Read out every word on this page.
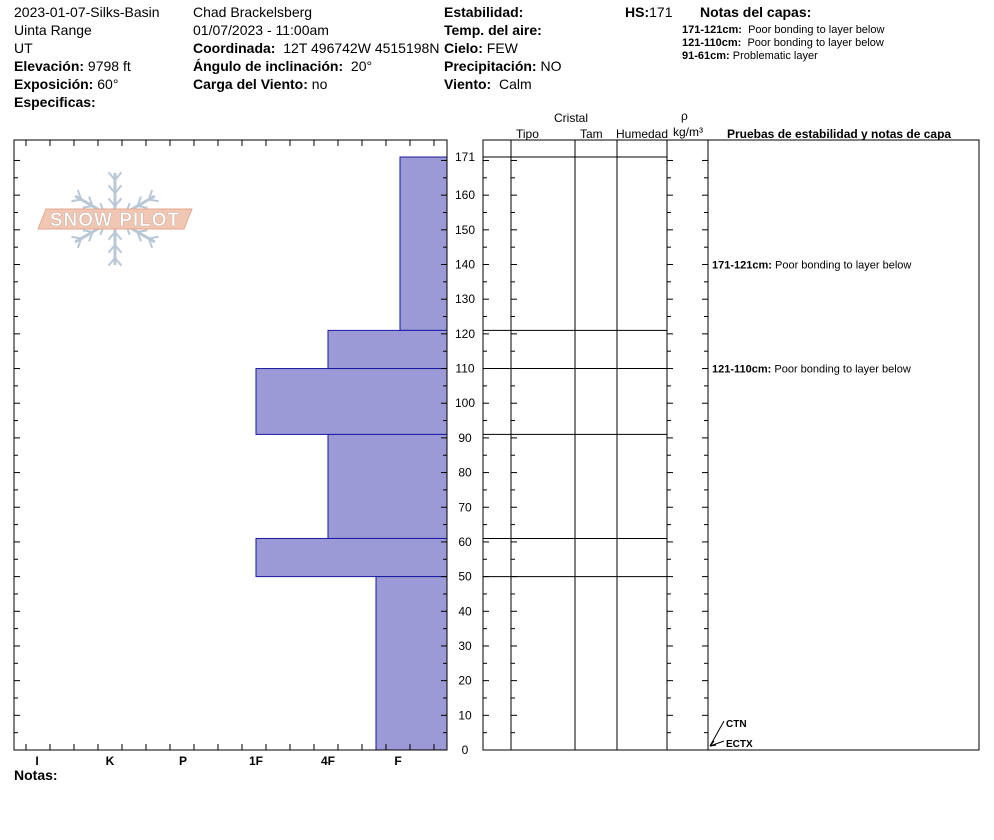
2023-01-07-Silks-Basin
Uinta Range
UT
Elevación: 9798 ft
Exposición: 60°
Especificas:
Chad Brackelsberg
01/07/2023 - 11:00am
Coordinada: 12T 496742W 4515198N
Ángulo de inclinación: 20°
Carga del Viento: no
Estabilidad:
Temp. del aire:
Cielo: FEW
Precipitación: NO
Viento: Calm
HS:171 Notas del capas:
171-121cm: Poor bonding to layer below
121-110cm: Poor bonding to layer below
91-61cm: Problematic layer
Cristal
Tipo	Tam Humedad
ρ
kg/m³ Pruebas de estabilidad y notas de capa
Notas:
SNOW PILOT
I	K	P	1F	4F	F
0
10
20
30
40
50
60
70
80
90
100
110
120
130
140
150
160
171
171-121cm: Poor bonding to layer below
121-110cm: Poor bonding to layer below
CTN
ECTX
